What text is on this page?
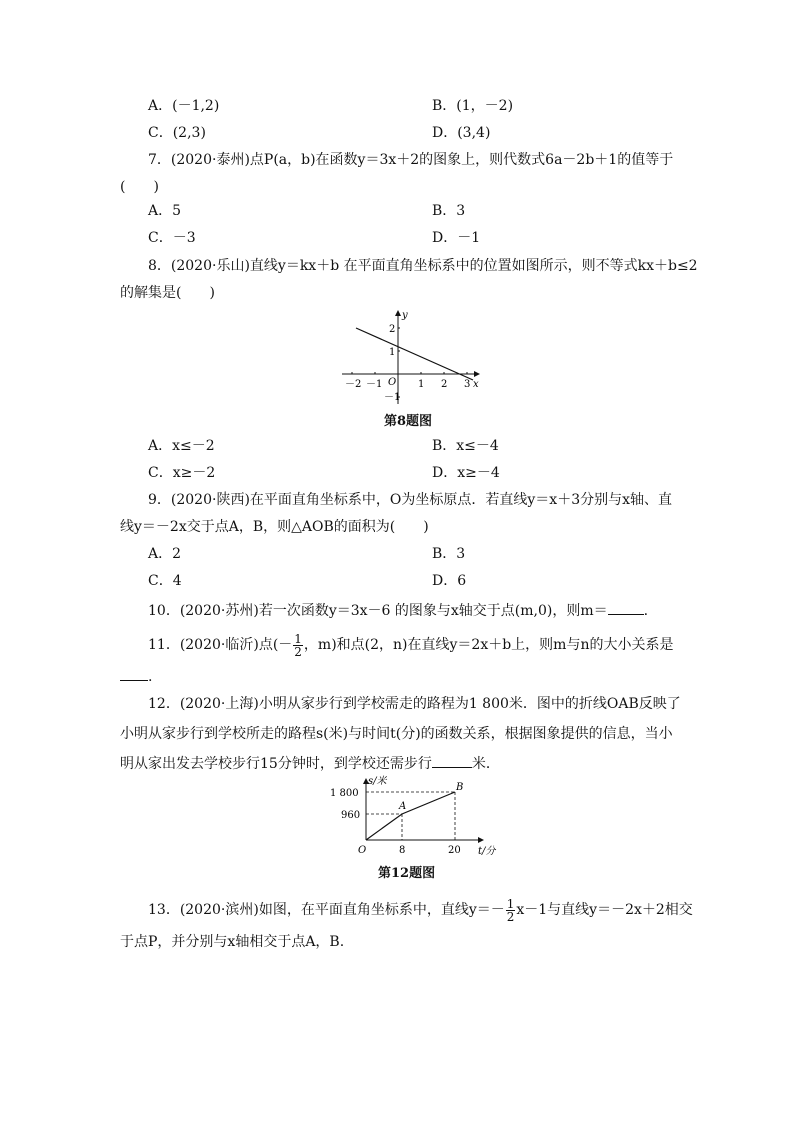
A．(－1,2)	B．(1，－2)
C．(2,3)	D．(3,4)
7．(2020·泰州)点P(a，b)在函数y＝3x＋2的图象上，则代数式6a－2b＋1的值等于
(　　)
A．5	B．3
C．－3	D．－1
8．(2020·乐山)直线y＝kx＋b 在平面直角坐标系中的位置如图所示，则不等式kx＋b≤2
的解集是(　　)
－2 －1	1 2 3
2
1
－1
O	x
y
第8题图
A．x≤－2	B．x≤－4
C．x≥－2	D．x≥－4
9．(2020·陕西)在平面直角坐标系中，O为坐标原点．若直线y＝x＋3分别与x轴、直
线y＝－2x交于点A，B，则△AOB的面积为(　　)
A．2	B．3
C．4	D．6
10．(2020·苏州)若一次函数y＝3x－6 的图象与x轴交于点(m,0)，则m＝	.
11．(2020·临沂)点(－ $\frac{1}{2}$ ，m)和点(2，n)在直线y＝2x＋b上，则m与n的大小关系是
.
12．(2020·上海)小明从家步行到学校需走的路程为1 800米．图中的折线OAB反映了
小明从家步行到学校所走的路程s(米)与时间t(分)的函数关系，根据图象提供的信息，当小
明从家出发去学校步行15分钟时，到学校还需步行	米．
s/米
t/分
1 800
960
8	20
O
A
B
第12题图
13．(2020·滨州)如图，在平面直角坐标系中，直线$y=- \frac{1}{2} x-1$与直线y＝－2x＋2相交
于点P，并分别与x轴相交于点A，B.
